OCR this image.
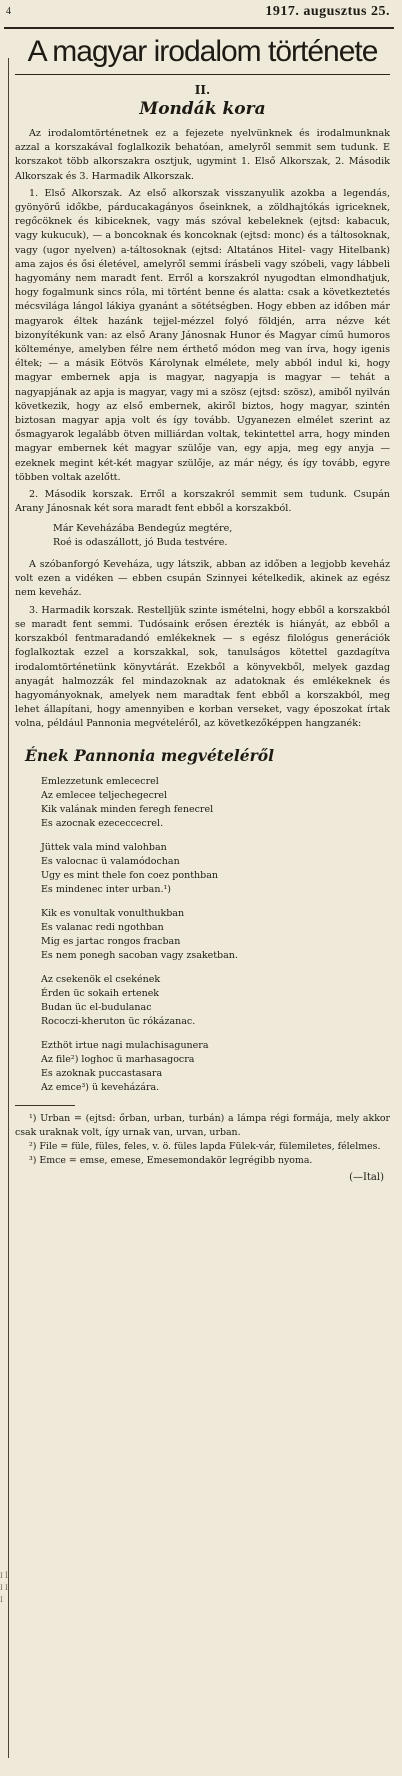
4	1917. augusztus 25.
I Í I I I
A magyar irodalom története
II.
Mondák kora

Az irodalomtörténetnek ez a fejezete nyelvünknek és irodalmunknak azzal a korszakával foglalkozik behatóan, amelyről semmit sem tudunk. E korszakot több alkorszakra osztjuk, ugymint 1. Első Alkorszak, 2. Második Alkorszak és 3. Harmadik Alkorszak.

1. Első Alkorszak. Az első alkorszak visszanyulik azokba a legendás, gyönyörű időkbe, párducakagányos őseinknek, a zöldhajtókás igriceknek, regőcöknek és kibiceknek, vagy más szóval kebeleknek (ejtsd: kabacuk, vagy kukucuk), — a boncoknak és koncoknak (ejtsd: monc) és a táltosoknak, vagy (ugor nyelven) a-táltosoknak (ejtsd: Altatános Hitel- vagy Hitelbank) ama zajos és ősi életével, amelyről semmi írásbeli vagy szóbeli, vagy lábbeli hagyomány nem maradt fent. Erről a korszakról nyugodtan elmondhatjuk, hogy fogalmunk sincs róla, mi történt benne és alatta: csak a következtetés mécsvilága lángol lákiya gyanánt a sötétségben. Hogy ebben az időben már magyarok éltek hazánk tejjel-mézzel folyó földjén, arra nézve két bizonyítékunk van: az első Arany Jánosnak Hunor és Magyar című humoros költeménye, amelyben félre nem érthető módon meg van írva, hogy igenis éltek; — a másik Eötvös Károlynak elmélete, mely abból indul ki, hogy magyar embernek apja is magyar, nagyapja is magyar — tehát a nagyapjának az apja is magyar, vagy mi a szösz (ejtsd: szösz), amiből nyilván következik, hogy az első embernek, akiről biztos, hogy magyar, szintén biztosan magyar apja volt és így tovább. Ugyanezen elmélet szerint az ősmagyarok legalább ötven milliárdan voltak, tekintettel arra, hogy minden magyar embernek két magyar szülője van, egy apja, meg egy anyja — ezeknek megint két-két magyar szülője, az már négy, és így tovább, egyre többen voltak azelőtt.

2. Második korszak. Erről a korszakról semmit sem tudunk. Csupán Arany Jánosnak két sora maradt fent ebből a korszakból.

Már Keveházába Bendegúz megtére,
Roé is odaszállott, jó Buda testvére.

A szóbanforgó Keveháza, ugy látszik, abban az időben a legjobb keveház volt ezen a vidéken — ebben csupán Szinnyei kételkedik, akinek az egész nem keveház.

3. Harmadik korszak. Restelljük szinte ismételni, hogy ebből a korszakból se maradt fent semmi. Tudósaink erősen érezték is hiányát, az ebből a korszakból fentmaradandó emlékeknek — s egész filológus generációk foglalkoztak ezzel a korszakkal, sok, tanulságos kötettel gazdagítva irodalomtörténetünk könyvtárát. Ezekből a könyvekből, melyek gazdag anyagát halmozzák fel mindazoknak az adatoknak és emlékeknek és hagyományoknak, amelyek nem maradtak fent ebből a korszakból, meg lehet állapítani, hogy amennyiben e korban verseket, vagy époszokat írtak volna, például Pannonia megvételéről, az következőképpen hangzanék:

Ének Pannonia megvételéről
Emlezzetunk emlececrel
Az emlecee teljechegecrel
Kik valának minden feregh fenecrel
Es azocnak ezececcecrel.
Jüttek vala mind valohban
Es valocnac ü valamódochan
Ugy es mint thele fon coez ponthban
Es mindenec inter urban.¹)
Kik es vonultak vonulthukban
Es valanac redi ngothban
Mig es jartac rongos fracban
Es nem ponegh sacoban vagy zsaketban.
Az csekenök el csekének
Érden üc sokaih ertenek
Budan üc el-budulanac
Rococzi-kheruton üc rókázanac.
Ezthöt irtue nagi mulachisagunera
Az file²) loghoc ü marhasagocra
Es azoknak puccastasara
Az emce³) ü keveházára.

¹) Urban = (ejtsd: őrban, urban, turbán) a lámpa régi formája, mely akkor csak uraknak volt, így urnak van, urvan, urban.

²) File = füle, füles, feles, v. ö. füles lapda Fülek-vár, fülemiletes, félelmes.

³) Emce = emse, emese, Emesemondakör legrégibb nyoma.

(—Ital)
